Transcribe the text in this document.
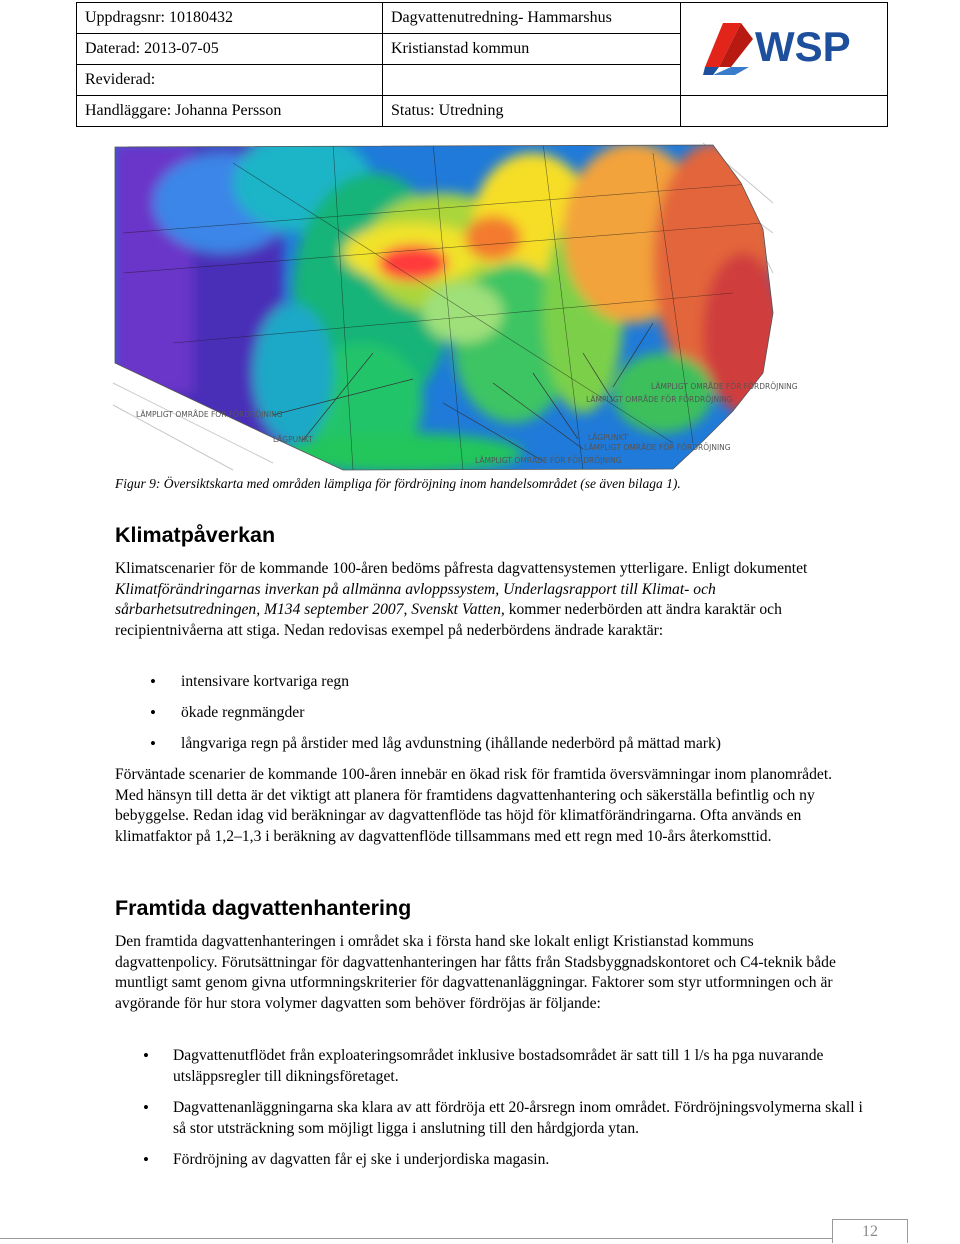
Uppdragsnr: 10180432	Dagvattenutredning- Hammarshus	WSP

Daterad: 2013-07-05	Kristianstad kommun	
Reviderad:		
Handläggare: Johanna Persson	Status: Utredning	
LÄMPLIGT OMRÅDE FÖR FÖRDRÖJNING
LÅGPUNKT
LÄMPLIGT OMRÅDE FÖR FÖRDRÖJNING
LÄMPLIGT OMRÅDE FÖR FÖRDRÖJNING
LÅGPUNKT
LÄMPLIGT OMRÅDE FÖR FÖRDRÖJNING
LÄMPLIGT OMRÅDE FÖR FÖRDRÖJNING
Figur 9: Översiktskarta med områden lämpliga för fördröjning inom handelsområdet (se även bilaga 1).
Klimatpåverkan

Klimatscenarier för de kommande 100-åren bedöms påfresta dagvattensystemen ytterligare. Enligt dokumentet Klimatförändringarnas inverkan på allmänna avloppssystem, Underlagsrapport till Klimat- och sårbarhetsutredningen, M134 september 2007, Svenskt Vatten, kommer nederbörden att ändra karaktär och recipientnivåerna att stiga. Nedan redovisas exempel på nederbördens ändrade karaktär:

• intensivare kortvariga regn
• ökade regnmängder
• långvariga regn på årstider med låg avdunstning (ihållande nederbörd på mättad mark)

Förväntade scenarier de kommande 100-åren innebär en ökad risk för framtida översvämningar inom planområdet. Med hänsyn till detta är det viktigt att planera för framtidens dagvattenhantering och säkerställa befintlig och ny bebyggelse. Redan idag vid beräkningar av dagvattenflöde tas höjd för klimatförändringarna. Ofta används en klimatfaktor på 1,2–1,3 i beräkning av dagvattenflöde tillsammans med ett regn med 10-års återkomsttid.

Framtida dagvattenhantering

Den framtida dagvattenhanteringen i området ska i första hand ske lokalt enligt Kristianstad kommuns dagvattenpolicy. Förutsättningar för dagvattenhanteringen har fåtts från Stadsbyggnadskontoret och C4-teknik både muntligt samt genom givna utformningskriterier för dagvattenanläggningar. Faktorer som styr utformningen och är avgörande för hur stora volymer dagvatten som behöver fördröjas är följande:

• Dagvattenutflödet från exploateringsområdet inklusive bostadsområdet är satt till 1 l/s ha pga nuvarande utsläppsregler till dikningsföretaget.
• Dagvattenanläggningarna ska klara av att fördröja ett 20-årsregn inom området. Fördröjningsvolymerna skall i så stor utsträckning som möjligt ligga i anslutning till den hårdgjorda ytan.
• Fördröjning av dagvatten får ej ske i underjordiska magasin.
12
